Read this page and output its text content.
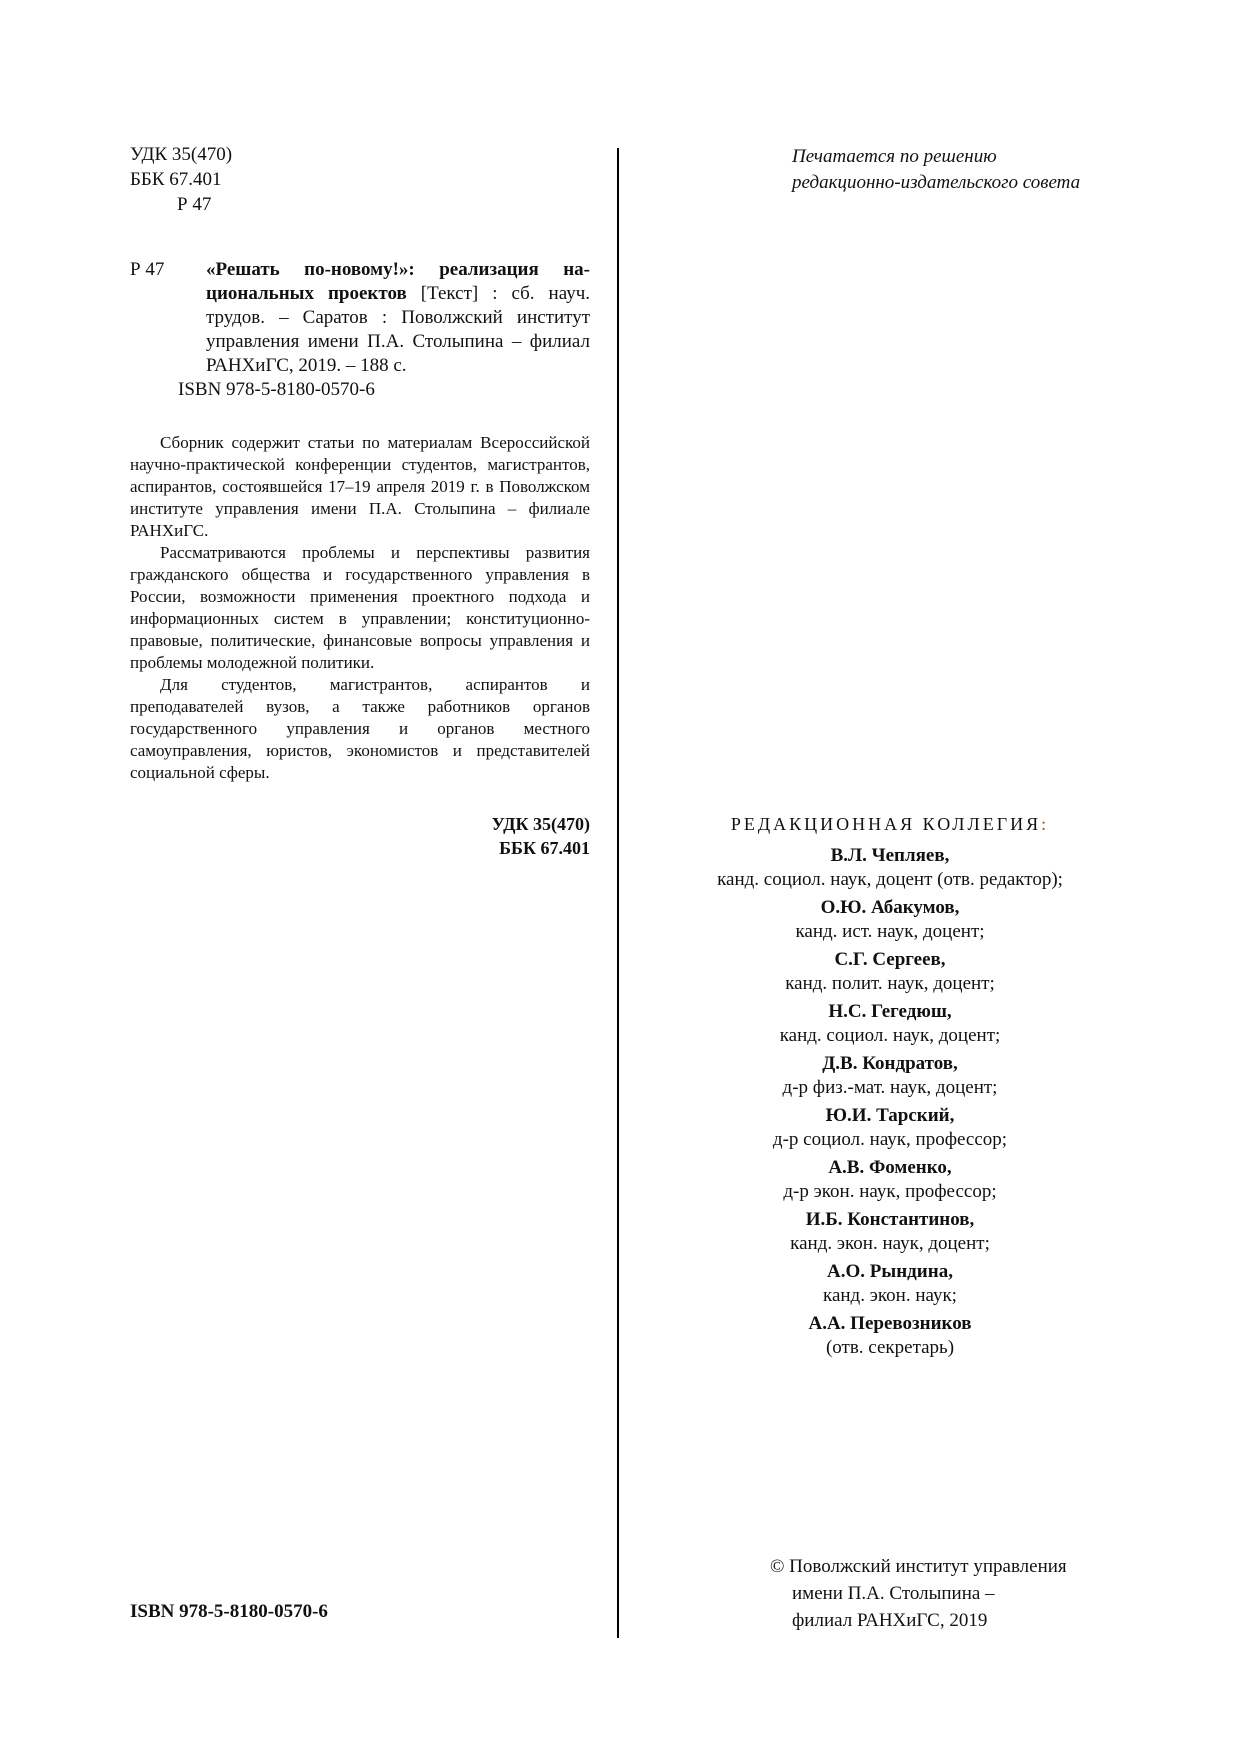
УДК 35(470)
ББК 67.401
Р 47
Р 47	«Решать по-новому!»: реализация на-
циональных проектов [Текст] : сб. науч.
трудов. – Саратов : Поволжский институт
управления имени П.А. Столыпина – филиал
РАНХиГС, 2019. – 188 с.
ISBN 978-5-8180-0570-6

Сборник содержит статьи по материалам Всероссийской научно-практической конференции студентов, магистрантов, аспирантов, состоявшейся 17–19 апреля 2019 г. в Поволжском институте управления имени П.А. Столыпина – филиале РАНХиГС.

Рассматриваются проблемы и перспективы развития гражданского общества и государственного управления в России, возможности применения проектного подхода и информационных систем в управлении; конституционно-правовые, политические, финансовые вопросы управления и проблемы молодежной политики.

Для студентов, магистрантов, аспирантов и преподавателей вузов, а также работников органов государственного управления и органов местного самоуправления, юристов, экономистов и представителей социальной сферы.

УДК 35(470)
ББК 67.401
ISBN 978-5-8180-0570-6
Печатается по решению
редакционно-издательского совета
РЕДАКЦИОННАЯ КОЛЛЕГИЯ:
В.Л. Чепляев,
канд. социол. наук, доцент (отв. редактор);
О.Ю. Абакумов,
канд. ист. наук, доцент;
С.Г. Сергеев,
канд. полит. наук, доцент;
Н.С. Гегедюш,
канд. социол. наук, доцент;
Д.В. Кондратов,
д-р физ.-мат. наук, доцент;
Ю.И. Тарский,
д-р социол. наук, профессор;
А.В. Фоменко,
д-р экон. наук, профессор;
И.Б. Константинов,
канд. экон. наук, доцент;
А.О. Рындина,
канд. экон. наук;
А.А. Перевозников
(отв. секретарь)
© Поволжский институт управления
имени П.А. Столыпина –
филиал РАНХиГС, 2019
